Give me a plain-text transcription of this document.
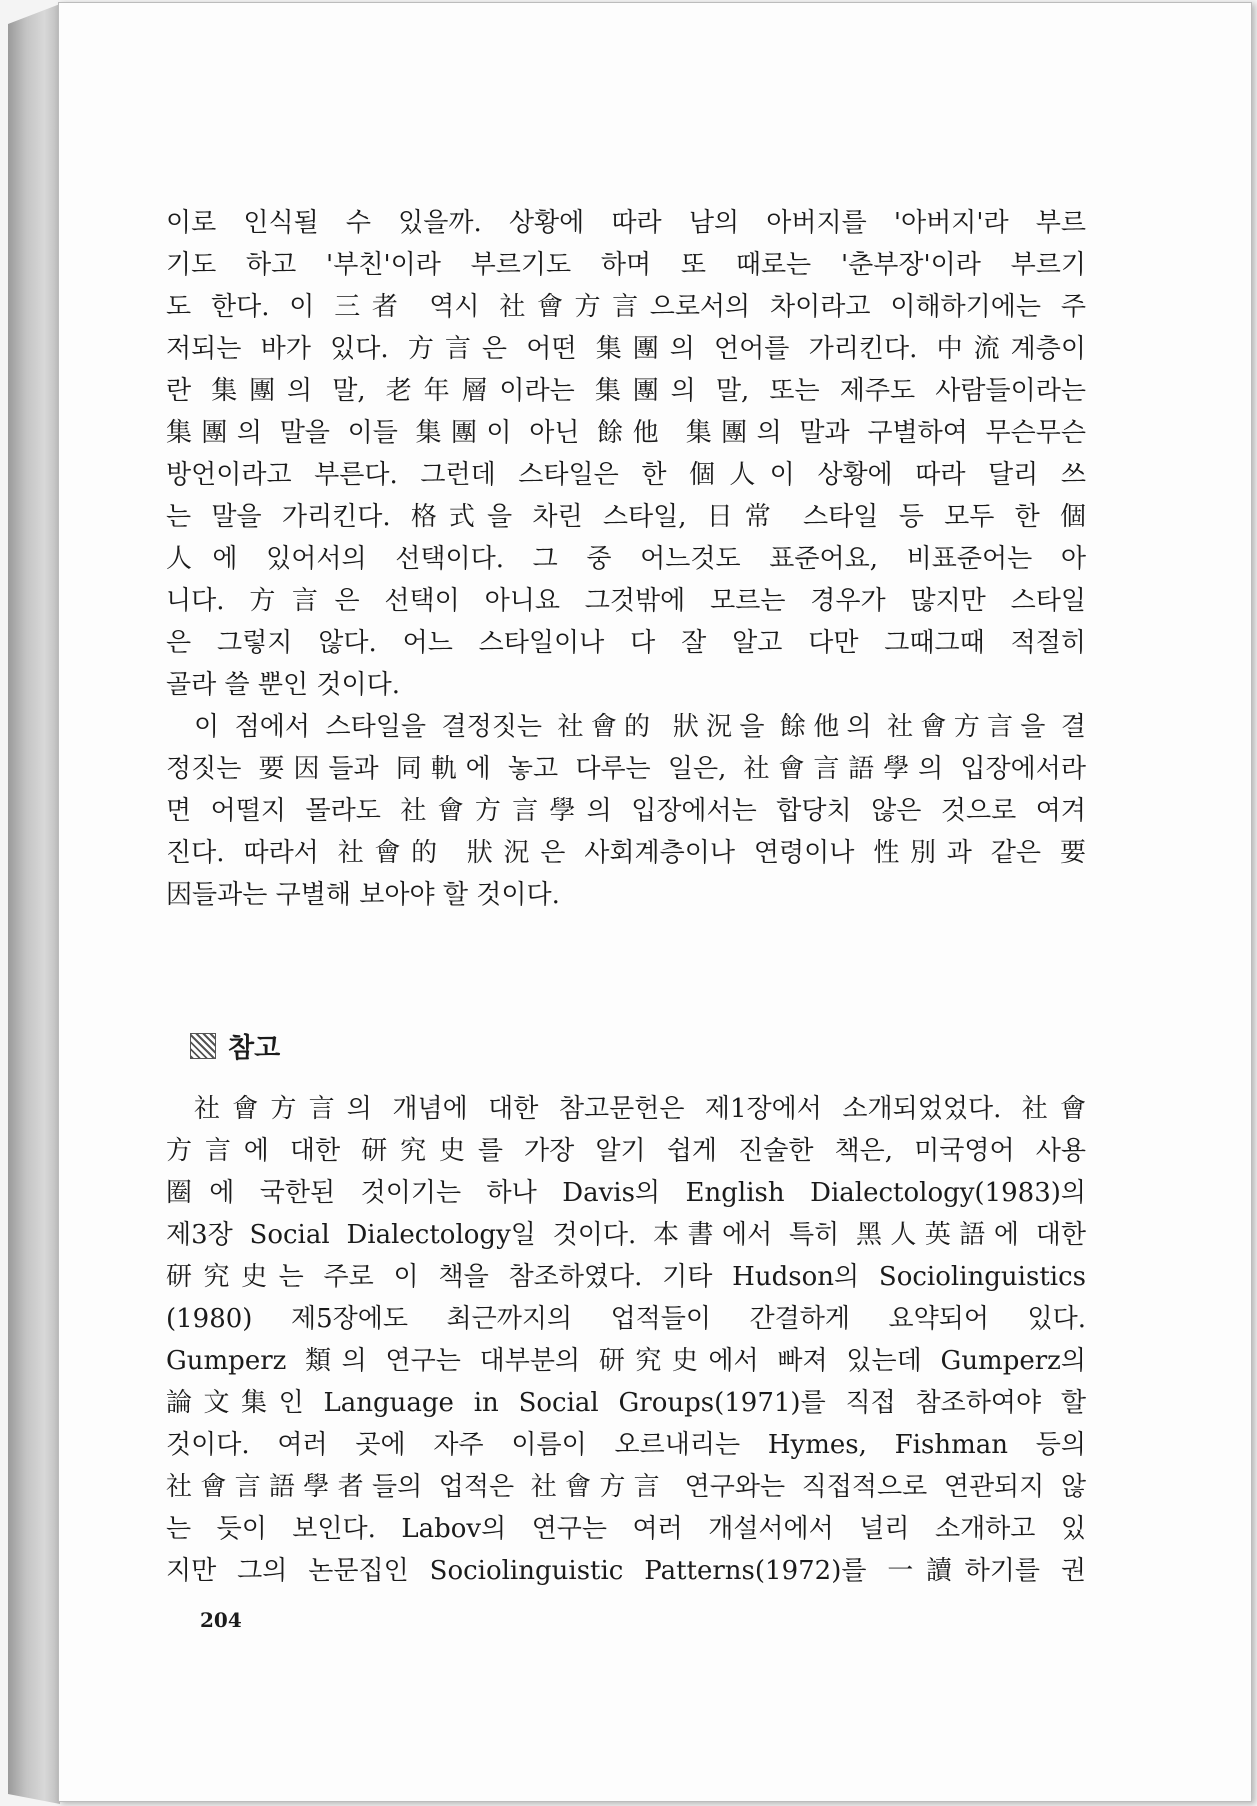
이로 인식될 수 있을까. 상황에 따라 남의 아버지를 '아버지'라 부르
기도 하고 '부친'이라 부르기도 하며 또 때로는 '춘부장'이라 부르기
도 한다. 이 三者 역시 社會方言으로서의 차이라고 이해하기에는 주
저되는 바가 있다. 方言은 어떤 集團의 언어를 가리킨다. 中流계층이
란 集團의 말, 老年層이라는 集團의 말, 또는 제주도 사람들이라는
集團의 말을 이들 集團이 아닌 餘他 集團의 말과 구별하여 무슨무슨
방언이라고 부른다. 그런데 스타일은 한 個人이 상황에 따라 달리 쓰
는 말을 가리킨다. 格式을 차린 스타일, 日常 스타일 등 모두 한 個
人에 있어서의 선택이다. 그 중 어느것도 표준어요, 비표준어는 아
니다. 方言은 선택이 아니요 그것밖에 모르는 경우가 많지만 스타일
은 그렇지 않다. 어느 스타일이나 다 잘 알고 다만 그때그때 적절히
골라 쓸 뿐인 것이다.
이 점에서 스타일을 결정짓는 社會的 狀況을 餘他의 社會方言을 결
정짓는 要因들과 同軌에 놓고 다루는 일은, 社會言語學의 입장에서라
면 어떨지 몰라도 社會方言學의 입장에서는 합당치 않은 것으로 여겨
진다. 따라서 社會的 狀況은 사회계층이나 연령이나 性別과 같은 要
因들과는 구별해 보아야 할 것이다.
참고
社會方言의 개념에 대한 참고문헌은 제1장에서 소개되었었다. 社會
方言에 대한 研究史를 가장 알기 쉽게 진술한 책은, 미국영어 사용
圈에 국한된 것이기는 하나 Davis의 English Dialectology(1983)의
제3장 Social Dialectology일 것이다. 本書에서 특히 黑人英語에 대한
研究史는 주로 이 책을 참조하였다. 기타 Hudson의 Sociolinguistics
(1980) 제5장에도 최근까지의 업적들이 간결하게 요약되어 있다.
Gumperz 類의 연구는 대부분의 研究史에서 빠져 있는데 Gumperz의
論文集인 Language in Social Groups(1971)를 직접 참조하여야 할
것이다. 여러 곳에 자주 이름이 오르내리는 Hymes, Fishman 등의
社會言語學者들의 업적은 社會方言 연구와는 직접적으로 연관되지 않
는 듯이 보인다. Labov의 연구는 여러 개설서에서 널리 소개하고 있
지만 그의 논문집인 Sociolinguistic Patterns(1972)를 一讀하기를 권
204
